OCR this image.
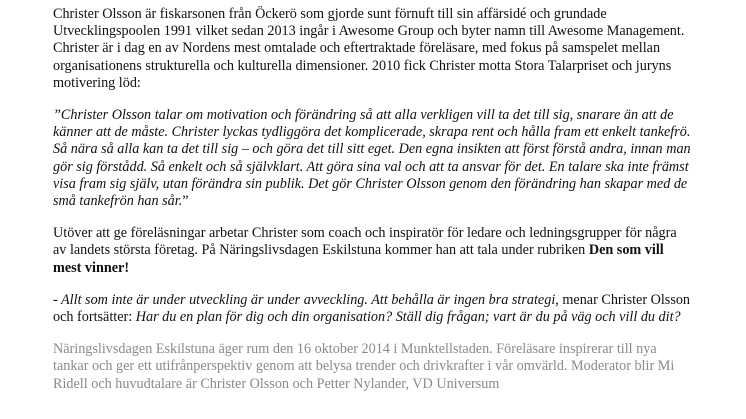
Christer Olsson är fiskarsonen från Öckerö som gjorde sunt förnuft till sin affärsidé och grundade Utvecklingspoolen 1991 vilket sedan 2013 ingår i Awesome Group och byter namn till Awesome Management. Christer är i dag en av Nordens mest omtalade och eftertraktade föreläsare, med fokus på samspelet mellan organisationens strukturella och kulturella dimensioner. 2010 fick Christer motta Stora Talarpriset och juryns motivering löd:

”Christer Olsson talar om motivation och förändring så att alla verkligen vill ta det till sig, snarare än att de känner att de måste. Christer lyckas tydliggöra det komplicerade, skrapa rent och hålla fram ett enkelt tankefrö. Så nära så alla kan ta det till sig – och göra det till sitt eget. Den egna insikten att först förstå andra, innan man gör sig förstådd. Så enkelt och så självklart. Att göra sina val och att ta ansvar för det. En talare ska inte främst visa fram sig själv, utan förändra sin publik. Det gör Christer Olsson genom den förändring han skapar med de små tankefrön han sår.”

Utöver att ge föreläsningar arbetar Christer som coach och inspiratör för ledare och ledningsgrupper för några av landets största företag. På Näringslivsdagen Eskilstuna kommer han att tala under rubriken Den som vill mest vinner!

- Allt som inte är under utveckling är under avveckling. Att behålla är ingen bra strategi, menar Christer Olsson och fortsätter: Har du en plan för dig och din organisation? Ställ dig frågan; vart är du på väg och vill du dit?

Näringslivsdagen Eskilstuna äger rum den 16 oktober 2014 i Munktellstaden. Föreläsare inspirerar till nya tankar och ger ett utifrånperspektiv genom att belysa trender och drivkrafter i vår omvärld. Moderator blir Mi Ridell och huvudtalare är Christer Olsson och Petter Nylander, VD Universum
